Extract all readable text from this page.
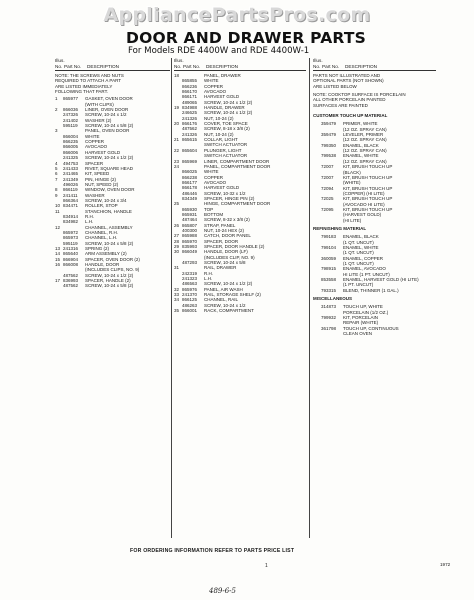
AppliancePartsPros.com
DOOR AND DRAWER PARTS
For Models RDE 4400W and RDE 4400W-1
Illus.
No. Part No. DESCRIPTION
NOTE: THE SCREWS AND NUTS
REQUIRED TO ATTACH A PART
ARE LISTED IMMEDIATELY
FOLLOWING THAT PART.
1	865977	GASKET, OVEN DOOR
(WITH CLIPS)
2	866036	LINER, OVEN DOOR
247326	SCREW, 10-24 x 1/2
241402	WASHER (2)
595119	SCREW, 10-24 x 5/8 (2)
3	PANEL, OVEN DOOR
866004	WHITE
866235	COPPER
866005	AVOCADO
866006	HARVEST GOLD
241325	SCREW, 10-24 x 1/2 (2)
4	494753	SPACER
5	241433	RIVET, SQUARE HEAD
6	241465	KIT, SPEED
7	241349	PIN, HINGE (2)
496026	NUT, SPEED (2)
8	866119	WINDOW, OVEN DOOR
9	241411	WASHER
866364	SCREW, 10-24 x 3/4
10 834471	ROLLER, STOP
11	STANCHION, HANDLE
834914	R.H.
834982	L.H.
12	CHANNEL, ASSEMBLY
865972	CHANNEL, R.H.
865973	CHANNEL, L.H.
595119	SCREW, 10-24 x 5/8 (2)
13 241316	SPRING (2)
14 865640	ARM ASSEMBLY (2)
15 866904	SPACER, OVEN DOOR (2)
16 866008	HANDLE, DOOR
(INCLUDES CLIPS, NO. 9)
487562	SCREW, 10-24 x 1/2 (2)
17 836993	SPACER, HANDLE (2)
487562	SCREW, 10-24 x 5/8 (2)
Illus.
No. Part No. DESCRIPTION
18	PANEL, DRAWER
865855	WHITE
866236	COPPER
866170	AVOCADO
866171	HARVEST GOLD
489065	SCREW, 10-24 x 1/2 (2)
19 834988	HANDLE, DRAWER
246625	SCREW, 10-24 x 1/2 (2)
241326	NUT, 10-24 (2)
20 866176	COVER, TOE SPACE
487562	SCREW, 8-18 x 3/8 (2)
241326	NUT, 10-24 (2)
21 865615	COLLAR, LIGHT
SWITCH ACTUATOR
22 865604	PLUNGER, LIGHT
SWITCH ACTUATOR
23 865969	LINER, COMPARTMENT DOOR
24	PANEL, COMPARTMENT DOOR
866025	WHITE
866238	COPPER
866177	AVOCADO
866178	HARVEST GOLD
486446	SCREW, 10-32 x 1/2
834349	SPACER, HINGE PIN (2)
25	HINGE, COMPARTMENT DOOR
865930	TOP
865931	BOTTOM
487464	SCREW, 8-32 x 3/8 (2)
26 865807	STRAP, PANEL
400300	NUT, 10-24 HEX (2)
27 865988	CATCH, DOOR PANEL
28 865970	SPACER, DOOR
29 835993	SPACER, DOOR HANDLE (2)
30 866049	HANDLE, DOOR (LF)
(INCLUDES CLIP, NO. 9)
487293	SCREW, 10-24 x 5/8
31	RAIL, DRAWER
242319	R.H.
241323	L.H.
486563	SCREW, 10-24 x 1/2 (2)
32 865976	PANEL, AIR WASH
33 241370	RAIL, STORAGE SHELF (2)
34 866125	CHANNEL, RAIL
486263	SCREW, 10-24 x 1/2
35 866001	RACK, COMPARTMENT
Illus.
No. Part No. DESCRIPTION
PARTS NOT ILLUSTRATED AND
OPTIONAL PARTS (NOT SHOWN)
ARE LISTED BELOW
NOTE: COOKTOP SURFACE IS PORCELAIN
ALL OTHER PORCELAIN PAINTED
SURFACES ARE PAINTED
CUSTOMER TOUCH UP MATERIAL
359479	PRIMER, WHITE
(12 OZ. SPRAY CAN)
359479	LEVELER, PRIMER
(12 OZ. SPRAY CAN)
799350	ENAMEL, BLACK
(12 OZ. SPRAY CAN)
799538	ENAMEL, WHITE
(12 OZ. SPRAY CAN)
72007	KIT, BRUSH TOUCH UP
(BLACK)
72007	KIT, BRUSH TOUCH UP
(WHITE)
72094	KIT, BRUSH TOUCH UP
(COPPER) (HI LITE)
72025	KIT, BRUSH TOUCH UP
(AVOCADO HI LITE)
72095	KIT, BRUSH TOUCH UP
(HARVEST GOLD)
(HI LITE)
REFINISHING MATERIAL
799183	ENAMEL, BLACK
(1 QT. UNCUT)
799104	ENAMEL, WHITE
(1 QT. UNCUT)
360059	ENAMEL, COPPER
(1 QT. UNCUT)
798915	ENAMEL, AVOCADO
HI LITE (1 PT. UNCUT)
853558	ENAMEL, HARVEST GOLD (HI LITE)
(1 PT. UNCUT)
793315	BLEND, THINNER (1 GAL.)
MISCELLANEOUS
314873	TOUCH UP, WHITE
PORCELAIN (1/2 OZ.)
799932	KIT, PORCELAIN
REPAIR (WHITE)
361798	TOUCH UP, CONTINUOUS
CLEAN OVEN
FOR ORDERING INFORMATION REFER TO PARTS PRICE LIST
1	1972
489-6-5
